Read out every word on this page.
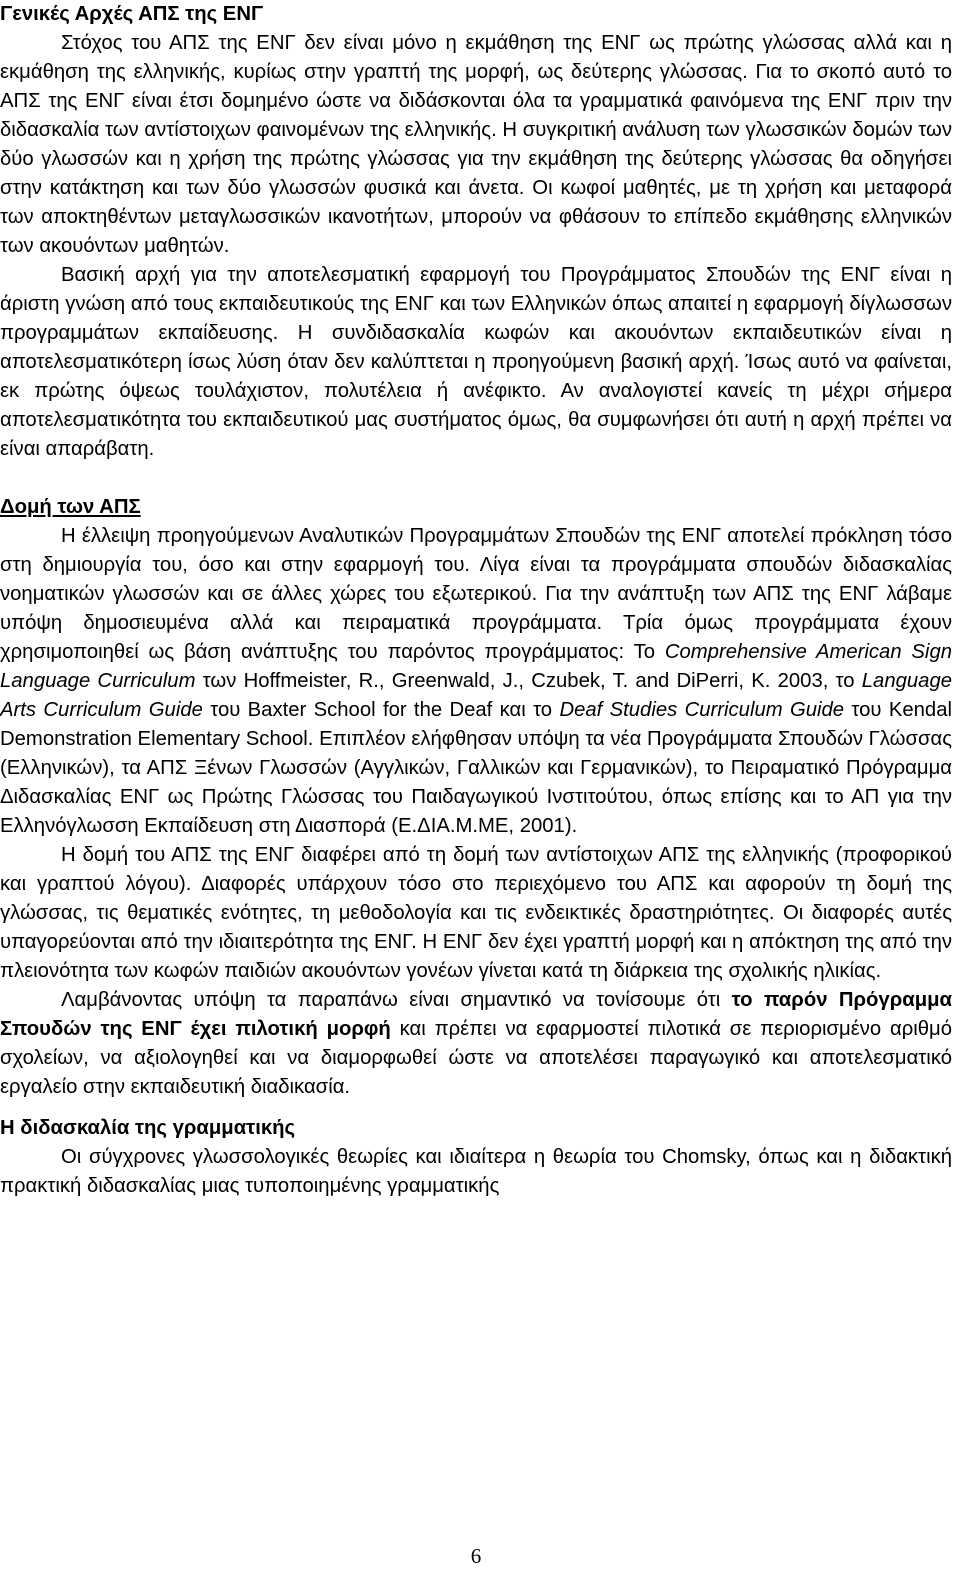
Γενικές Αρχές ΑΠΣ της ΕΝΓ

Στόχος του ΑΠΣ της ΕΝΓ δεν είναι μόνο η εκμάθηση της ΕΝΓ ως πρώτης γλώσσας αλλά και η εκμάθηση της ελληνικής, κυρίως στην γραπτή της μορφή, ως δεύτερης γλώσσας. Για το σκοπό αυτό το ΑΠΣ της ΕΝΓ είναι έτσι δομημένο ώστε να διδάσκονται όλα τα γραμματικά φαινόμενα της ΕΝΓ πριν την διδασκαλία των αντίστοιχων φαινομένων της ελληνικής. Η συγκριτική ανάλυση των γλωσσικών δομών των δύο γλωσσών και η χρήση της πρώτης γλώσσας για την εκμάθηση της δεύτερης γλώσσας θα οδηγήσει στην κατάκτηση και των δύο γλωσσών φυσικά και άνετα. Οι κωφοί μαθητές, με τη χρήση και μεταφορά των αποκτηθέντων μεταγλωσσικών ικανοτήτων, μπορούν να φθάσουν το επίπεδο εκμάθησης ελληνικών των ακουόντων μαθητών.

Βασική αρχή για την αποτελεσματική εφαρμογή του Προγράμματος Σπουδών της ΕΝΓ είναι η άριστη γνώση από τους εκπαιδευτικούς της ΕΝΓ και των Ελληνικών όπως απαιτεί η εφαρμογή δίγλωσσων προγραμμάτων εκπαίδευσης. Η συνδιδασκαλία κωφών και ακουόντων εκπαιδευτικών είναι η αποτελεσματικότερη ίσως λύση όταν δεν καλύπτεται η προηγούμενη βασική αρχή. Ίσως αυτό να φαίνεται, εκ πρώτης όψεως τουλάχιστον, πολυτέλεια ή ανέφικτο. Αν αναλογιστεί κανείς τη μέχρι σήμερα αποτελεσματικότητα του εκπαιδευτικού μας συστήματος όμως, θα συμφωνήσει ότι αυτή η αρχή πρέπει να είναι απαράβατη.

Δομή των ΑΠΣ

Η έλλειψη προηγούμενων Αναλυτικών Προγραμμάτων Σπουδών της ΕΝΓ αποτελεί πρόκληση τόσο στη δημιουργία του, όσο και στην εφαρμογή του. Λίγα είναι τα προγράμματα σπουδών διδασκαλίας νοηματικών γλωσσών και σε άλλες χώρες του εξωτερικού. Για την ανάπτυξη των ΑΠΣ της ΕΝΓ λάβαμε υπόψη δημοσιευμένα αλλά και πειραματικά προγράμματα. Τρία όμως προγράμματα έχουν χρησιμοποιηθεί ως βάση ανάπτυξης του παρόντος προγράμματος: Το Comprehensive American Sign Language Curriculum των Hoffmeister, R., Greenwald, J., Czubek, T. and DiPerri, K. 2003, το Language Arts Curriculum Guide του Baxter School for the Deaf και το Deaf Studies Curriculum Guide του Kendal Demonstration Elementary School. Επιπλέον ελήφθησαν υπόψη τα νέα Προγράμματα Σπουδών Γλώσσας (Ελληνικών), τα ΑΠΣ Ξένων Γλωσσών (Αγγλικών, Γαλλικών και Γερμανικών), το Πειραματικό Πρόγραμμα Διδασκαλίας ΕΝΓ ως Πρώτης Γλώσσας του Παιδαγωγικού Ινστιτούτου, όπως επίσης και το ΑΠ για την Ελληνόγλωσση Εκπαίδευση στη Διασπορά (Ε.ΔΙΑ.Μ.ΜΕ, 2001).

Η δομή του ΑΠΣ της ΕΝΓ διαφέρει από τη δομή των αντίστοιχων ΑΠΣ της ελληνικής (προφορικού και γραπτού λόγου). Διαφορές υπάρχουν τόσο στο περιεχόμενο του ΑΠΣ και αφορούν τη δομή της γλώσσας, τις θεματικές ενότητες, τη μεθοδολογία και τις ενδεικτικές δραστηριότητες. Οι διαφορές αυτές υπαγορεύονται από την ιδιαιτερότητα της ΕΝΓ. Η ΕΝΓ δεν έχει γραπτή μορφή και η απόκτηση της από την πλειονότητα των κωφών παιδιών ακουόντων γονέων γίνεται κατά τη διάρκεια της σχολικής ηλικίας.

Λαμβάνοντας υπόψη τα παραπάνω είναι σημαντικό να τονίσουμε ότι το παρόν Πρόγραμμα Σπουδών της ΕΝΓ έχει πιλοτική μορφή και πρέπει να εφαρμοστεί πιλοτικά σε περιορισμένο αριθμό σχολείων, να αξιολογηθεί και να διαμορφωθεί ώστε να αποτελέσει παραγωγικό και αποτελεσματικό εργαλείο στην εκπαιδευτική διαδικασία.

Η διδασκαλία της γραμματικής

Οι σύγχρονες γλωσσολογικές θεωρίες και ιδιαίτερα η θεωρία του Chomsky, όπως και η διδακτική πρακτική διδασκαλίας μιας τυποποιημένης γραμματικής

6
